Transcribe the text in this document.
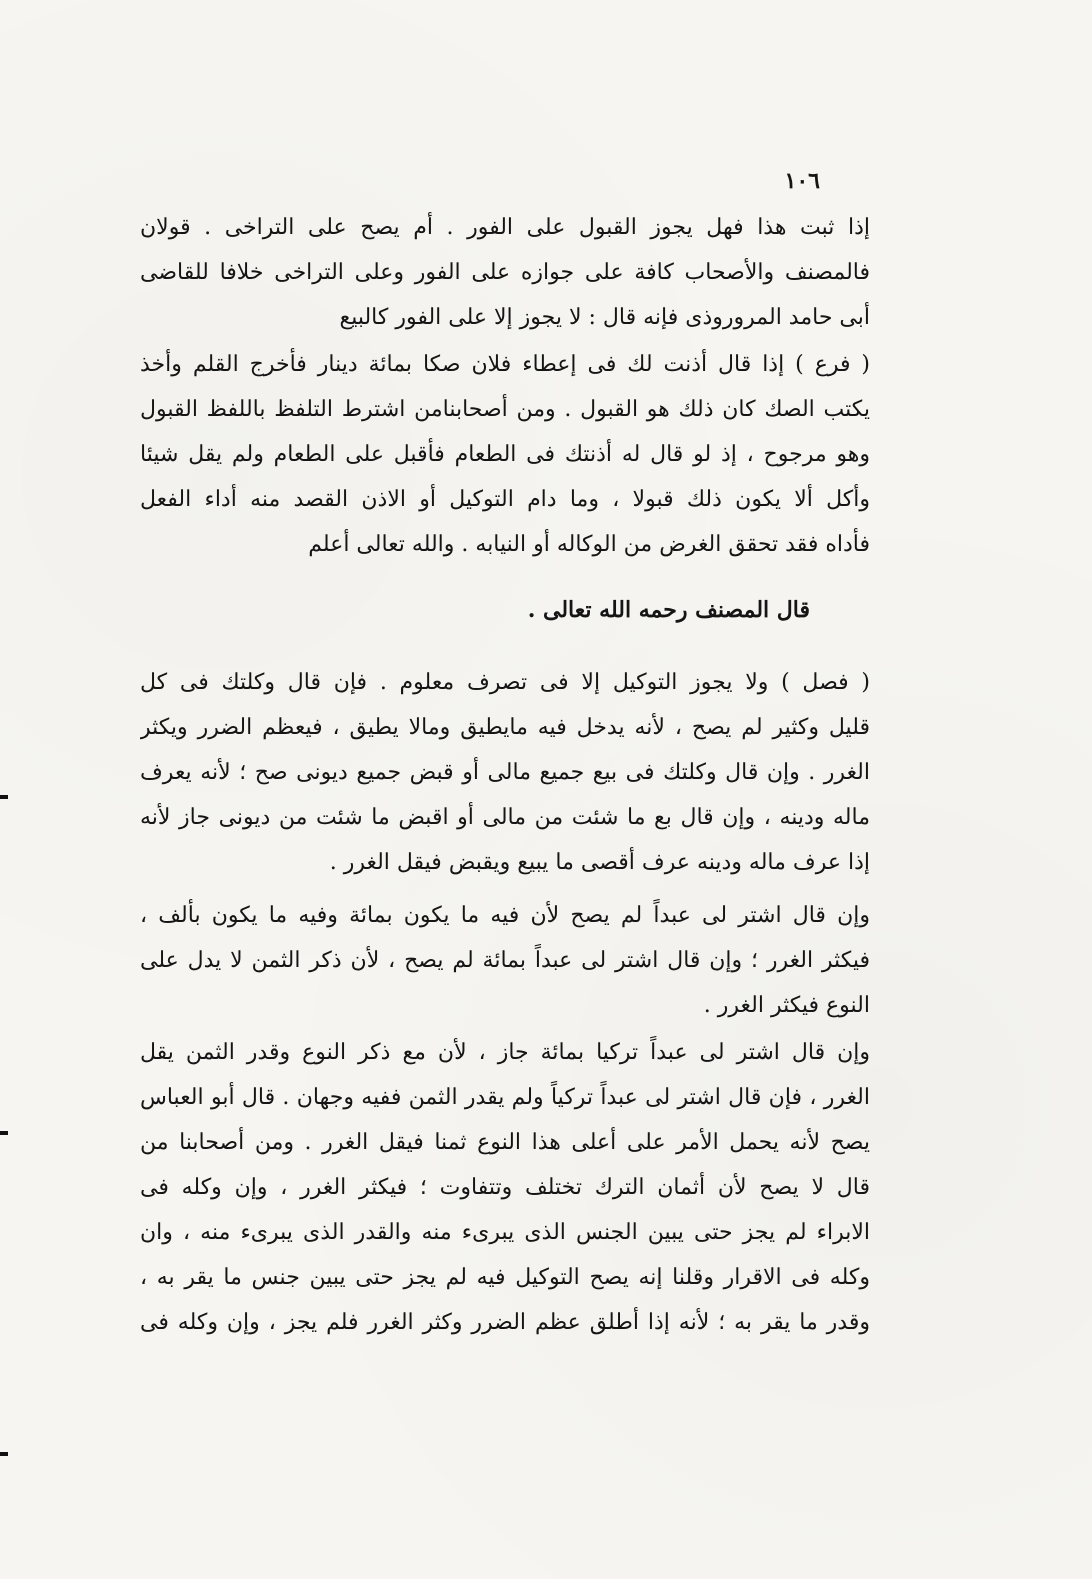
١٠٦
إذا ثبت هذا فهل يجوز القبول على الفور . أم يصح على التراخى . قولان
فالمصنف والأصحاب كافة على جوازه على الفور وعلى التراخى خلافا للقاضى
أبى حامد المروروذى فإنه قال : لا يجوز إلا على الفور كالبيع
( فرع ) إذا قال أذنت لك فى إعطاء فلان صكا بمائة دينار فأخرج القلم وأخذ
يكتب الصك كان ذلك هو القبول . ومن أصحابنامن اشترط التلفظ باللفظ القبول
وهو مرجوح ، إذ لو قال له أذنتك فى الطعام فأقبل على الطعام ولم يقل شيئا
وأكل ألا يكون ذلك قبولا ، وما دام التوكيل أو الاذن القصد منه أداء الفعل
فأداه فقد تحقق الغرض من الوكاله أو النيابه . والله تعالى أعلم
قال المصنف رحمه الله تعالى .
( فصل ) ولا يجوز التوكيل إلا فى تصرف معلوم . فإن قال وكلتك فى كل
قليل وكثير لم يصح ، لأنه يدخل فيه مايطيق ومالا يطيق ، فيعظم الضرر ويكثر
الغرر . وإن قال وكلتك فى بيع جميع مالى أو قبض جميع ديونى صح ؛ لأنه يعرف
ماله ودينه ، وإن قال بع ما شئت من مالى أو اقبض ما شئت من ديونى جاز لأنه
إذا عرف ماله ودينه عرف أقصى ما يبيع ويقبض فيقل الغرر .
وإن قال اشتر لى عبداً لم يصح لأن فيه ما يكون بمائة وفيه ما يكون بألف ،
فيكثر الغرر ؛ وإن قال اشتر لى عبداً بمائة لم يصح ، لأن ذكر الثمن لا يدل على
النوع فيكثر الغرر .
وإن قال اشتر لى عبداً تركيا بمائة جاز ، لأن مع ذكر النوع وقدر الثمن يقل
الغرر ، فإن قال اشتر لى عبداً تركياً ولم يقدر الثمن ففيه وجهان . قال أبو العباس
يصح لأنه يحمل الأمر على أعلى هذا النوع ثمنا فيقل الغرر . ومن أصحابنا من
قال لا يصح لأن أثمان الترك تختلف وتتفاوت ؛ فيكثر الغرر ، وإن وكله فى
الابراء لم يجز حتى يبين الجنس الذى يبرىء منه والقدر الذى يبرىء منه ، وان
وكله فى الاقرار وقلنا إنه يصح التوكيل فيه لم يجز حتى يبين جنس ما يقر به ،
وقدر ما يقر به ؛ لأنه إذا أطلق عظم الضرر وكثر الغرر فلم يجز ، وإن وكله فى
